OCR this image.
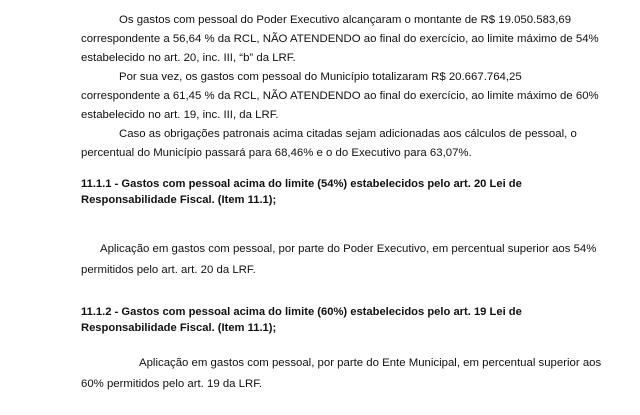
Os gastos com pessoal do Poder Executivo alcançaram o montante de R$ 19.050.583,69
correspondente a 56,64 % da RCL, NÃO ATENDENDO ao final do exercício, ao limite máximo de 54%
estabelecido no art. 20, inc. III, “b” da LRF.
Por sua vez, os gastos com pessoal do Município totalizaram R$ 20.667.764,25
correspondente a 61,45 % da RCL, NÃO ATENDENDO ao final do exercício, ao limite máximo de 60%
estabelecido no art. 19, inc. III, da LRF.
Caso as obrigações patronais acima citadas sejam adicionadas aos cálculos de pessoal, o
percentual do Município passará para 68,46% e o do Executivo para 63,07%.
11.1.1 - Gastos com pessoal acima do limite (54%) estabelecidos pelo art. 20 Lei de
Responsabilidade Fiscal. (Item 11.1);
Aplicação em gastos com pessoal, por parte do Poder Executivo, em percentual superior aos 54%
permitidos pelo art. art. 20 da LRF.
11.1.2 - Gastos com pessoal acima do limite (60%) estabelecidos pelo art. 19 Lei de
Responsabilidade Fiscal. (Item 11.1);
Aplicação em gastos com pessoal, por parte do Ente Municipal, em percentual superior aos
60% permitidos pelo art. 19 da LRF.
